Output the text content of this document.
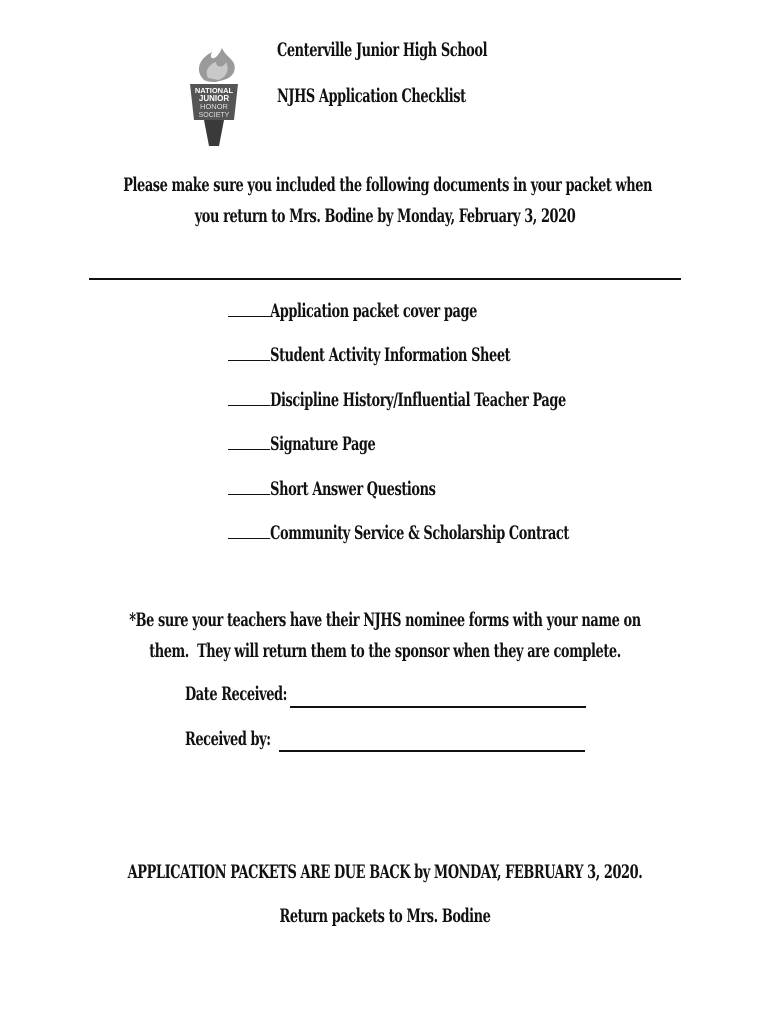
NATIONAL
JUNIOR
HONOR
SOCIETY
Centerville Junior High School
NJHS Application Checklist
Please make sure you included the following documents in your packet when
you return to Mrs. Bodine by Monday, February 3, 2020
Application packet cover page
Student Activity Information Sheet
Discipline History/Influential Teacher Page
Signature Page
Short Answer Questions
Community Service & Scholarship Contract
*Be sure your teachers have their NJHS nominee forms with your name on
them.  They will return them to the sponsor when they are complete.
Date Received:
Received by:
APPLICATION PACKETS ARE DUE BACK by MONDAY, FEBRUARY 3, 2020.
Return packets to Mrs. Bodine
